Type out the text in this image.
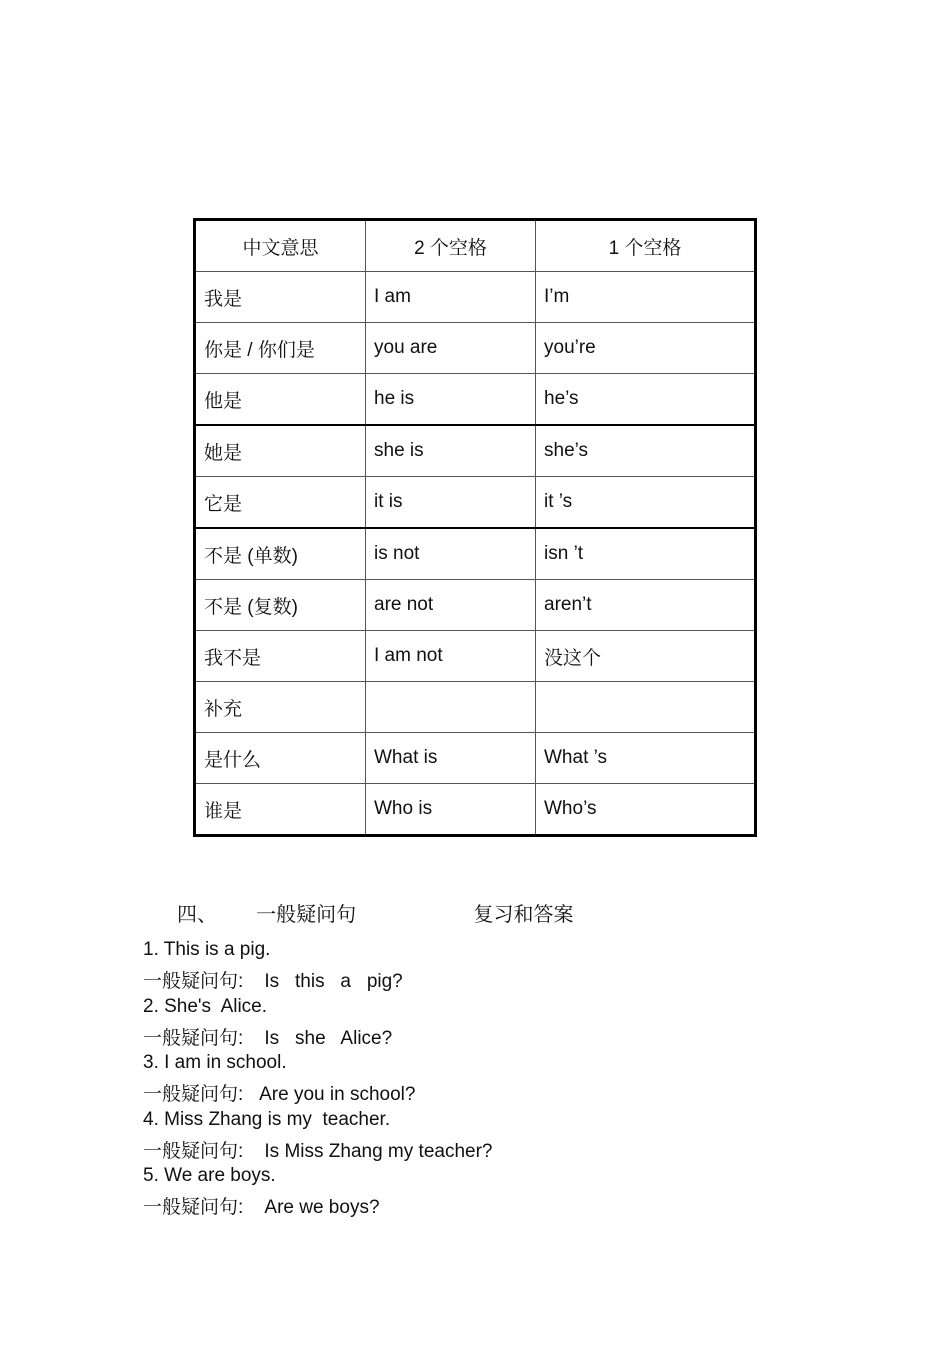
中文意思	2 个空格	1 个空格
我是	I am	I’m
你是 / 你们是	you are	you’re
他是	he is	he’s
她是	she is	she’s
它是	it is	it ’s
不是 (单数)	is not	isn ’t
不是 (复数)	are not	aren’t
我不是	I am not	没这个
补充		
是什么	What is	What ’s
谁是	Who is	Who’s
四、  一般疑问句      复习和答案
1. This is a pig.
一般疑问句:    Is   this   a   pig?
2. She's  Alice.
一般疑问句:    Is   she   Alice?
3. I am in school.
一般疑问句:   Are you in school?
4. Miss Zhang is my  teacher.
一般疑问句:    Is Miss Zhang my teacher?
5. We are boys.
一般疑问句:    Are we boys?
